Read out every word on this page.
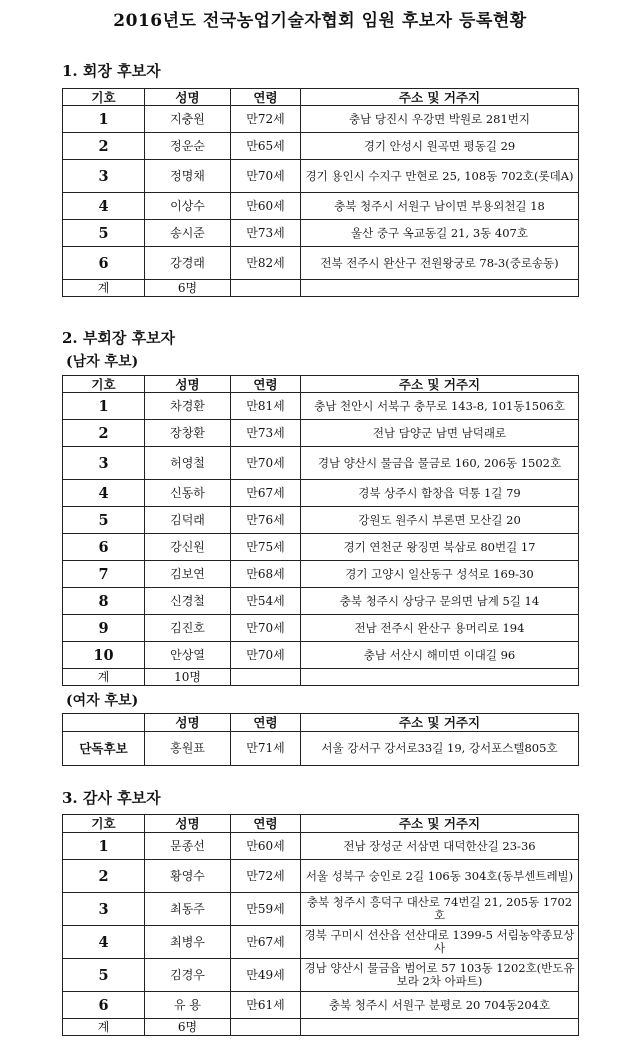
2016년도 전국농업기술자협회 임원 후보자 등록현황
1. 회장 후보자
기호	성명	연령	주소 및 거주지
1	지충원	만72세	충남 당진시 우강면 박원로 281번지
2	정운순	만65세	경기 안성시 원곡면 평동길 29
3	정명채	만70세	경기 용인시 수지구 만현로 25, 108동 702호(롯데A)
4	이상수	만60세	충북 청주시 서원구 남이면 부용외천길 18
5	송시준	만73세	울산 중구 옥교동길 21, 3동 407호
6	강경래	만82세	전북 전주시 완산구 전원왕궁로 78-3(중로송동)
계	6명		
2. 부회장 후보자
(남자 후보)
기호	성명	연령	주소 및 거주지
1	차경환	만81세	충남 천안시 서북구 충무로 143-8, 101동1506호
2	장창환	만73세	전남 담양군 남면 남덕래로
3	허영철	만70세	경남 양산시 물금읍 물금로 160, 206동 1502호
4	신동하	만67세	경북 상주시 함창읍 덕통 1길 79
5	김덕래	만76세	강원도 원주시 부론면 모산길 20
6	강신원	만75세	경기 연천군 왕징면 북삼로 80번길 17
7	김보연	만68세	경기 고양시 일산동구 성석로 169-30
8	신경철	만54세	충북 청주시 상당구 문의면 남계 5길 14
9	김진호	만70세	전남 전주시 완산구 용머리로 194
10	안상열	만70세	충남 서산시 해미면 이대길 96
계	10명		
(여자 후보)
	성명	연령	주소 및 거주지
단독후보	홍원표	만71세	서울 강서구 강서로33길 19, 강서포스텔805호
3. 감사 후보자
기호	성명	연령	주소 및 거주지
1	문종선	만60세	전남 장성군 서삼면 대덕한산길 23-36
2	황영수	만72세	서울 성북구 숭인로 2길 106동 304호(동부센트레빌)
3	최동주	만59세	충북 청주시 흥덕구 대산로 74번길 21, 205동 1702호
4	최병우	만67세	경북 구미시 선산읍 선산대로 1399-5 서림농약종묘상사
5	김경우	만49세	경남 양산시 물금읍 범어로 57 103동 1202호(반도유보라 2차 아파트)
6	유 용	만61세	충북 청주시 서원구 분평로 20 704동204호
계	6명		
